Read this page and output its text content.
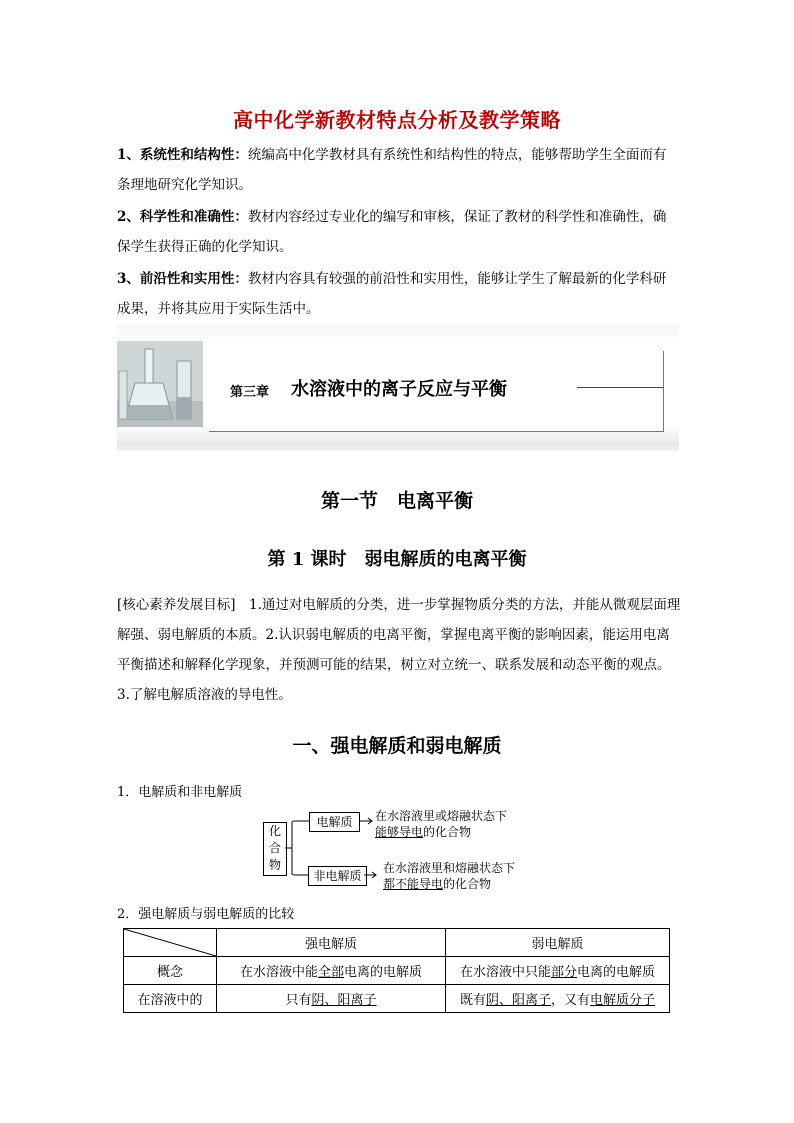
高中化学新教材特点分析及教学策略
1、系统性和结构性：统编高中化学教材具有系统性和结构性的特点，能够帮助学生全面而有条理地研究化学知识。
2、科学性和准确性：教材内容经过专业化的编写和审核，保证了教材的科学性和准确性，确保学生获得正确的化学知识。
3、前沿性和实用性：教材内容具有较强的前沿性和实用性，能够让学生了解最新的化学科研成果，并将其应用于实际生活中。
第三章 水溶液中的离子反应与平衡
第一节　电离平衡
第 1 课时　弱电解质的电离平衡
[核心素养发展目标]  1.通过对电解质的分类，进一步掌握物质分类的方法，并能从微观层面理解强、弱电解质的本质。2.认识弱电解质的电离平衡，掌握电离平衡的影响因素，能运用电离平衡描述和解释化学现象，并预测可能的结果，树立对立统一、联系发展和动态平衡的观点。3.了解电解质溶液的导电性。
一、强电解质和弱电解质
1．电解质和非电解质
化
合
物
电解质
非电解质
在水溶液里或熔融状态下
能够导电的化合物
在水溶液里和熔融状态下
都不能导电的化合物
2．强电解质与弱电解质的比较
	强电解质	弱电解质
概念	在水溶液中能全部电离的电解质	在水溶液中只能部分电离的电解质
在溶液中的	只有阴、阳离子	既有阴、阳离子，又有电解质分子
